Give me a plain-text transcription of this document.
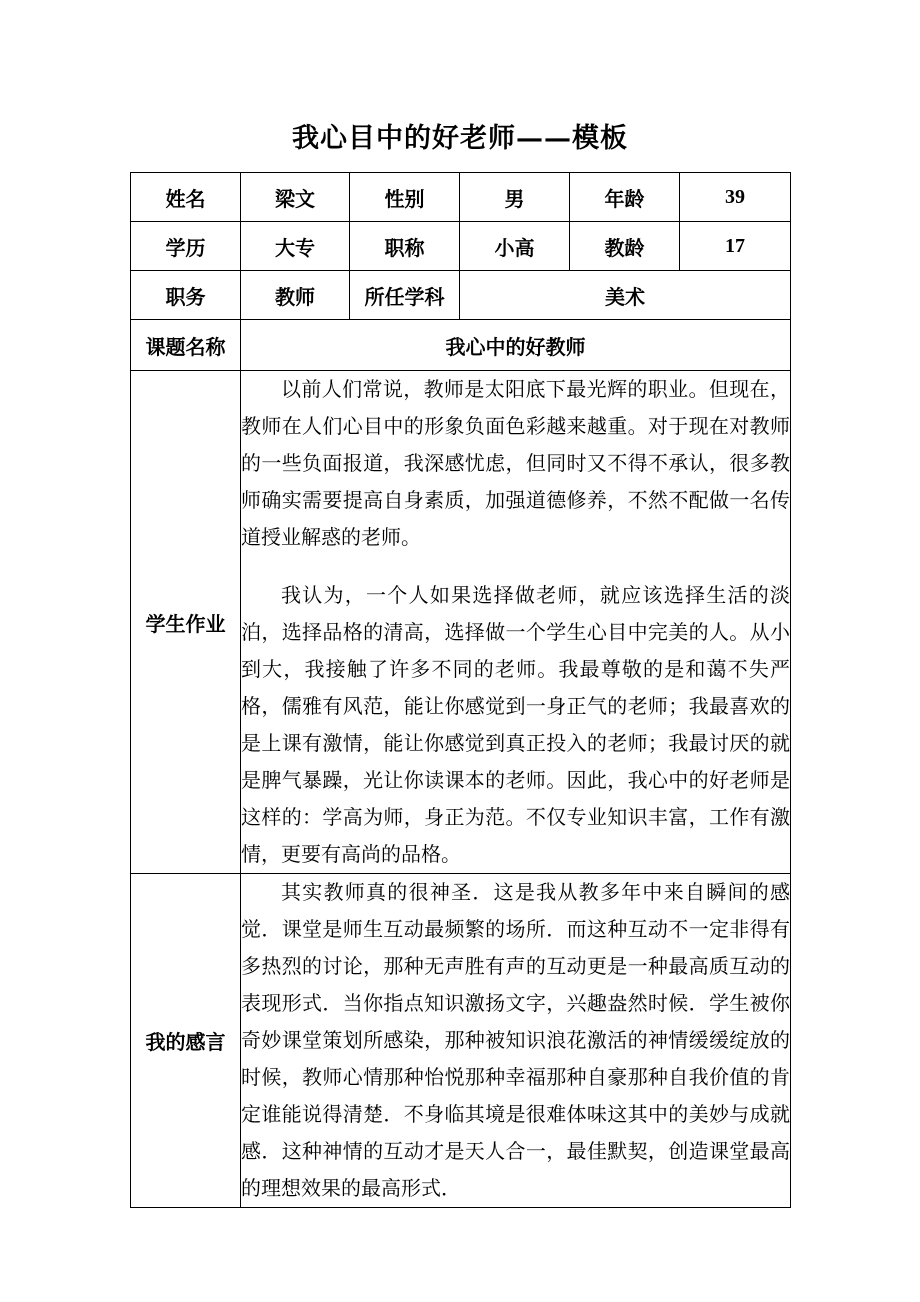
我心目中的好老师——模板
姓名	梁文	性别	男	年龄	39
学历	大专	职称	小高	教龄	17
职务	教师	所任学科	美术		
课题名称	我心中的好教师				
学生作业	以前人们常说，教师是太阳底下最光辉的职业。但现在，教师在人们心目中的形象负面色彩越来越重。对于现在对教师的一些负面报道，我深感忧虑，但同时又不得不承认，很多教师确实需要提高自身素质，加强道德修养，不然不配做一名传道授业解惑的老师。

我认为，一个人如果选择做老师，就应该选择生活的淡泊，选择品格的清高，选择做一个学生心目中完美的人。从小到大，我接触了许多不同的老师。我最尊敬的是和蔼不失严格，儒雅有风范，能让你感觉到一身正气的老师；我最喜欢的是上课有激情，能让你感觉到真正投入的老师；我最讨厌的就是脾气暴躁，光让你读课本的老师。因此，我心中的好老师是这样的：学高为师，身正为范。不仅专业知识丰富，工作有激情，更要有高尚的品格。				

我的感言	其实教师真的很神圣．这是我从教多年中来自瞬间的感觉．课堂是师生互动最频繁的场所．而这种互动不一定非得有多热烈的讨论，那种无声胜有声的互动更是一种最高质互动的表现形式．当你指点知识激扬文字，兴趣盎然时候．学生被你奇妙课堂策划所感染，那种被知识浪花激活的神情缓缓绽放的时候，教师心情那种怡悦那种幸福那种自豪那种自我价值的肯定谁能说得清楚．不身临其境是很难体味这其中的美妙与成就感．这种神情的互动才是天人合一，最佳默契，创造课堂最高的理想效果的最高形式．				
